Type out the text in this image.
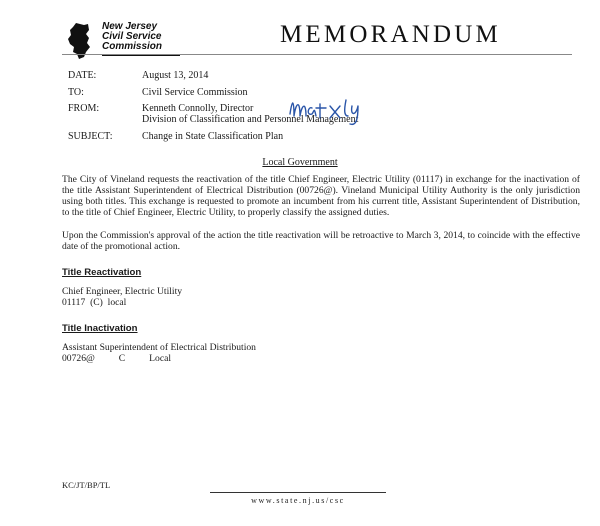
New Jersey
Civil Service
Commission	MEMORANDUM
DATE:	August 13, 2014
TO:	Civil Service Commission
FROM:	Kenneth Connolly, Director
Division of Classification and Personnel Management
SUBJECT:	Change in State Classification Plan
Local Government
The City of Vineland requests the reactivation of the title Chief Engineer, Electric Utility (01117) in exchange for the inactivation of the title Assistant Superintendent of Electrical Distribution (00726@). Vineland Municipal Utility Authority is the only jurisdiction using both titles. This exchange is requested to promote an incumbent from his current title, Assistant Superintendent of Distribution, to the title of Chief Engineer, Electric Utility, to properly classify the assigned duties.
Upon the Commission's approval of the action the title reactivation will be retroactive to March 3, 2014, to coincide with the effective date of the promotional action.
Title Reactivation
Chief Engineer, Electric Utility
01117  (C)  local
Title Inactivation
Assistant Superintendent of Electrical Distribution
00726@          C          Local
KC/JT/BP/TL
www.state.nj.us/csc
